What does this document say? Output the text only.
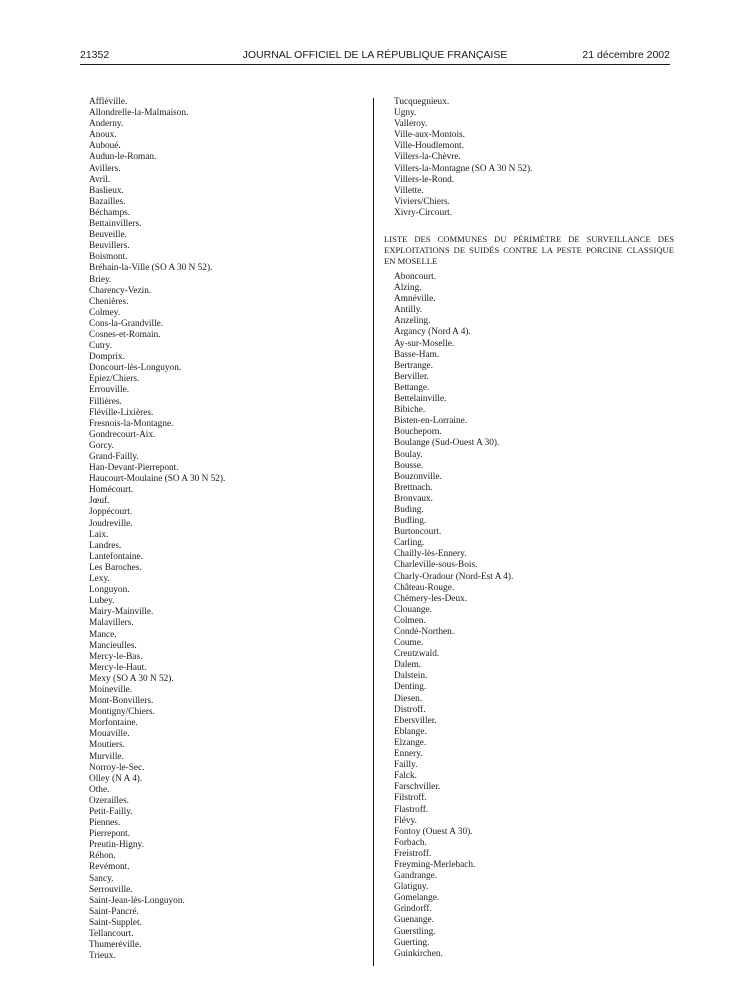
21352	JOURNAL OFFICIEL DE LA RÉPUBLIQUE FRANÇAISE	21 décembre 2002
Affléville.
Allondrelle-la-Malmaison.
Anderny.
Anoux.
Auboué.
Audun-le-Roman.
Avillers.
Avril.
Baslieux.
Bazailles.
Béchamps.
Bettainvillers.
Beuveille.
Beuvillers.
Boismont.
Bréhain-la-Ville (SO A 30 N 52).
Briey.
Charency-Vezin.
Chenières.
Colmey.
Cons-la-Grandville.
Cosnes-et-Romain.
Cutry.
Domprix.
Doncourt-lès-Longuyon.
Epiez/Chiers.
Errouville.
Fillières.
Fléville-Lixières.
Fresnois-la-Montagne.
Gondrecourt-Aix.
Gorcy.
Grand-Failly.
Han-Devant-Pierrepont.
Haucourt-Moulaine (SO A 30 N 52).
Homécourt.
Jœuf.
Joppécourt.
Joudreville.
Laix.
Landres.
Lantefontaine.
Les Baroches.
Lexy.
Longuyon.
Lubey.
Mairy-Mainville.
Malavillers.
Mance.
Mancieulles.
Mercy-le-Bas.
Mercy-le-Haut.
Mexy (SO A 30 N 52).
Moineville.
Mont-Bonvillers.
Montigny/Chiers.
Morfontaine.
Mouaville.
Moutiers.
Murville.
Norroy-le-Sec.
Olley (N A 4).
Othe.
Ozerailles.
Petit-Failly.
Piennes.
Pierrepont.
Preutin-Higny.
Réhon.
Revémont.
Sancy.
Serrouville.
Saint-Jean-lès-Longuyon.
Saint-Pancré.
Saint-Supplet.
Tellancourt.
Thumeréville.
Trieux.
Tucquegnieux.
Ugny.
Valleroy.
Ville-aux-Montois.
Ville-Houdlemont.
Villers-la-Chèvre.
Villers-la-Montagne (SO A 30 N 52).
Villers-le-Rond.
Villette.
Viviers/Chiers.
Xivry-Circourt.
LISTE DES COMMUNES DU PÉRIMÈTRE DE SURVEILLANCE DES EXPLOITATIONS DE SUIDÉS CONTRE LA PESTE PORCINE CLASSIQUE EN MOSELLE
Aboncourt.
Alzing.
Amnéville.
Antilly.
Anzeling.
Argancy (Nord A 4).
Ay-sur-Moselle.
Basse-Ham.
Bertrange.
Berviller.
Bettange.
Bettelainville.
Bibiche.
Bisten-en-Lorraine.
Boucheporn.
Boulange (Sud-Ouest A 30).
Boulay.
Bousse.
Bouzonville.
Brettnach.
Bronvaux.
Buding.
Budling.
Burtoncourt.
Carling.
Chailly-lès-Ennery.
Charleville-sous-Bois.
Charly-Oradour (Nord-Est A 4).
Château-Rouge.
Chémery-les-Deux.
Clouange.
Colmen.
Condé-Northen.
Coume.
Creutzwald.
Dalem.
Dalstein.
Denting.
Diesen.
Distroff.
Ebersviller.
Eblange.
Elzange.
Ennery.
Failly.
Falck.
Farschviller.
Filstroff.
Flastroff.
Flévy.
Fontoy (Ouest A 30).
Forbach.
Freistroff.
Freyming-Merlebach.
Gandrange.
Glatigny.
Gomelange.
Grindorff.
Guenange.
Guerstling.
Guerting.
Guinkirchen.
